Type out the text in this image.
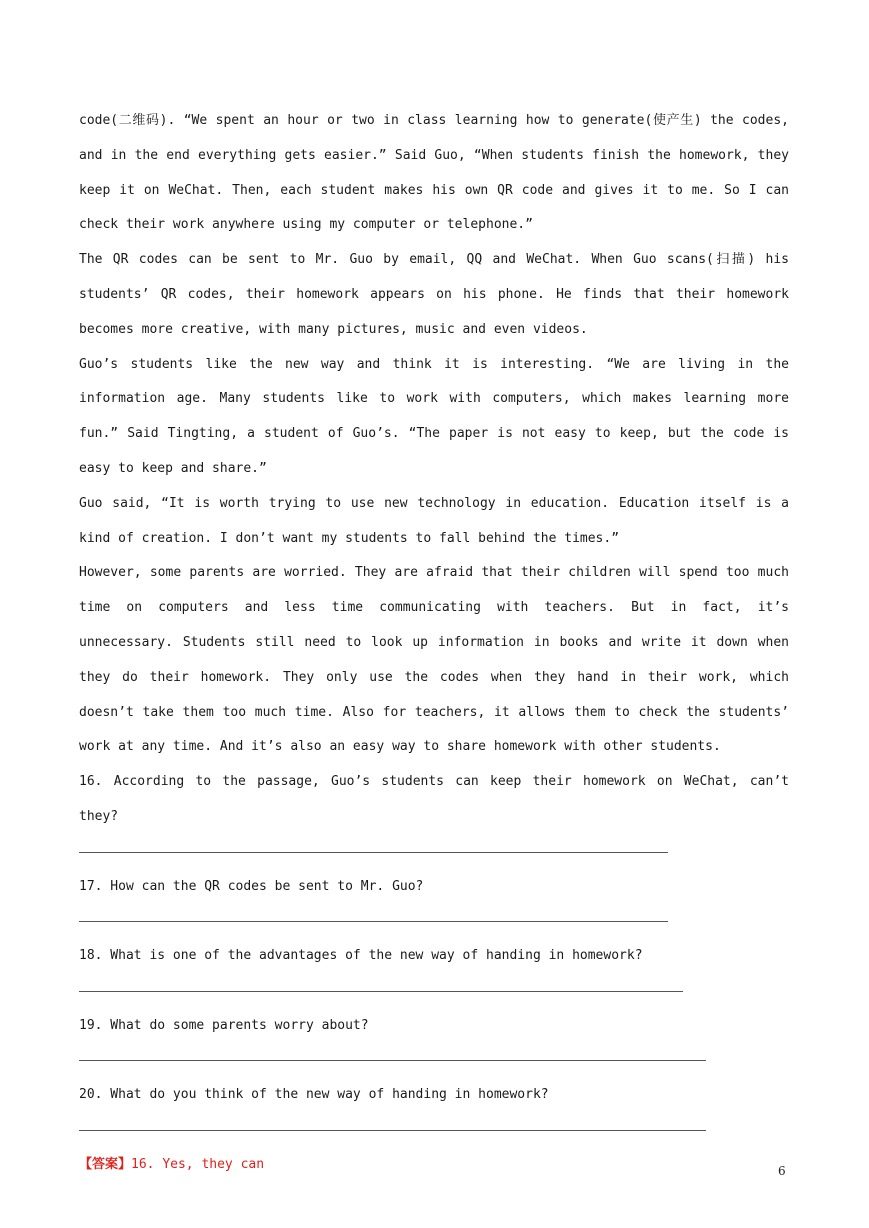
code(二维码). “We spent an hour or two in class learning how to generate(使产生) the codes, and in the end everything gets easier.” Said Guo, “When students finish the homework, they keep it on WeChat. Then, each student makes his own QR code and gives it to me. So I can check their work anywhere using my computer or telephone.”

The QR codes can be sent to Mr. Guo by email, QQ and WeChat. When Guo scans(扫描) his students’ QR codes, their homework appears on his phone. He finds that their homework becomes more creative, with many pictures, music and even videos.

Guo’s students like the new way and think it is interesting. “We are living in the information age. Many students like to work with computers, which makes learning more fun.” Said Tingting, a student of Guo’s. “The paper is not easy to keep, but the code is easy to keep and share.”

Guo said, “It is worth trying to use new technology in education. Education itself is a kind of creation. I don’t want my students to fall behind the times.”

However, some parents are worried. They are afraid that their children will spend too much time on computers and less time communicating with teachers. But in fact, it’s unnecessary. Students still need to look up information in books and write it down when they do their homework. They only use the codes when they hand in their work, which doesn’t take them too much time. Also for teachers, it allows them to check the students’ work at any time. And it’s also an easy way to share homework with other students.

16. According to the passage, Guo’s students can keep their homework on WeChat, can’t they?

17. How can the QR codes be sent to Mr. Guo?

18. What is one of the advantages of the new way of handing in homework?

19. What do some parents worry about?

20. What do you think of the new way of handing in homework?

【答案】16. Yes, they can	6
